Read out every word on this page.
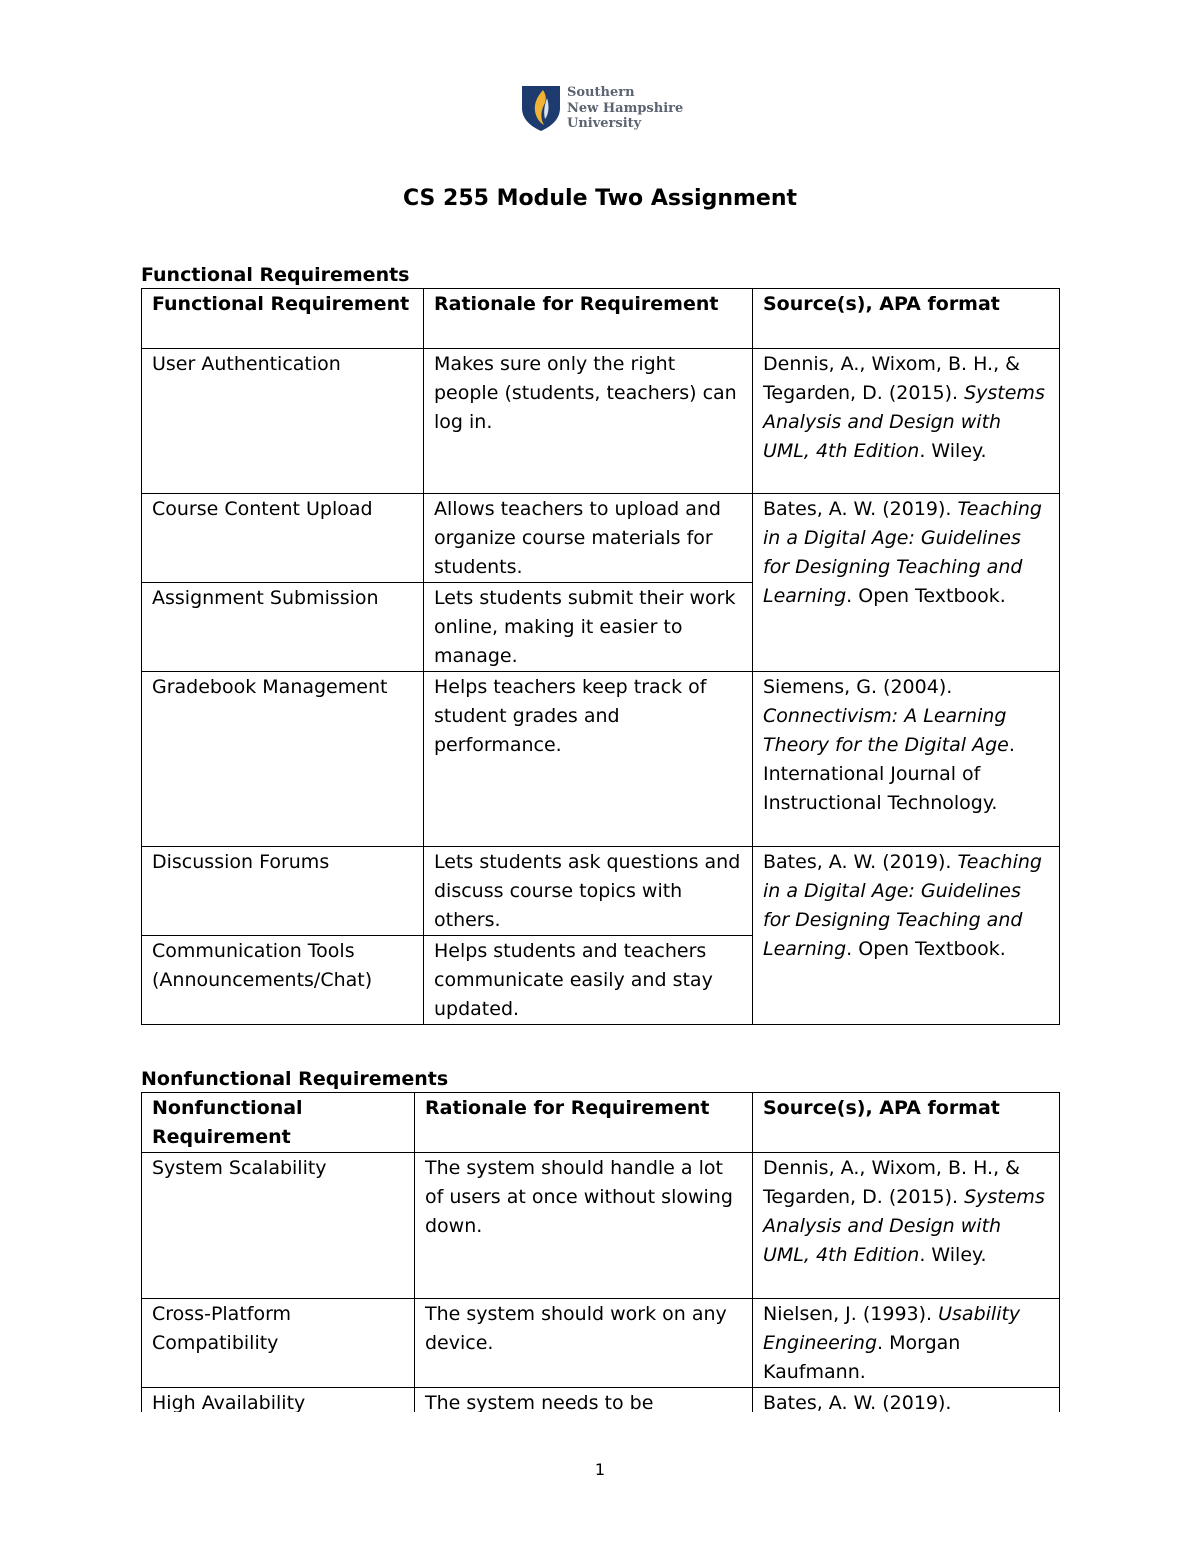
Southern
New Hampshire
University
CS 255 Module Two Assignment
Functional Requirements
Functional Requirement	Rationale for Requirement	Source(s), APA format
User Authentication	Makes sure only the right people (students, teachers) can log in.	Dennis, A., Wixom, B. H., & Tegarden, D. (2015). Systems Analysis and Design with UML, 4th Edition. Wiley.
Course Content Upload	Allows teachers to upload and organize course materials for students.	Bates, A. W. (2019). Teaching in a Digital Age: Guidelines for Designing Teaching and Learning. Open Textbook.
Assignment Submission	Lets students submit their work online, making it easier to manage.	
Gradebook Management	Helps teachers keep track of student grades and performance.	Siemens, G. (2004). Connectivism: A Learning Theory for the Digital Age. International Journal of Instructional Technology.
Discussion Forums	Lets students ask questions and discuss course topics with others.	Bates, A. W. (2019). Teaching in a Digital Age: Guidelines for Designing Teaching and Learning. Open Textbook.
Communication Tools (Announcements/Chat)	Helps students and teachers communicate easily and stay updated.	
Nonfunctional Requirements
Nonfunctional Requirement	Rationale for Requirement	Source(s), APA format
System Scalability	The system should handle a lot of users at once without slowing down.	Dennis, A., Wixom, B. H., & Tegarden, D. (2015). Systems Analysis and Design with UML, 4th Edition. Wiley.
Cross-Platform Compatibility	The system should work on any device.	Nielsen, J. (1993). Usability Engineering. Morgan Kaufmann.
High Availability	The system needs to be	Bates, A. W. (2019).
1
